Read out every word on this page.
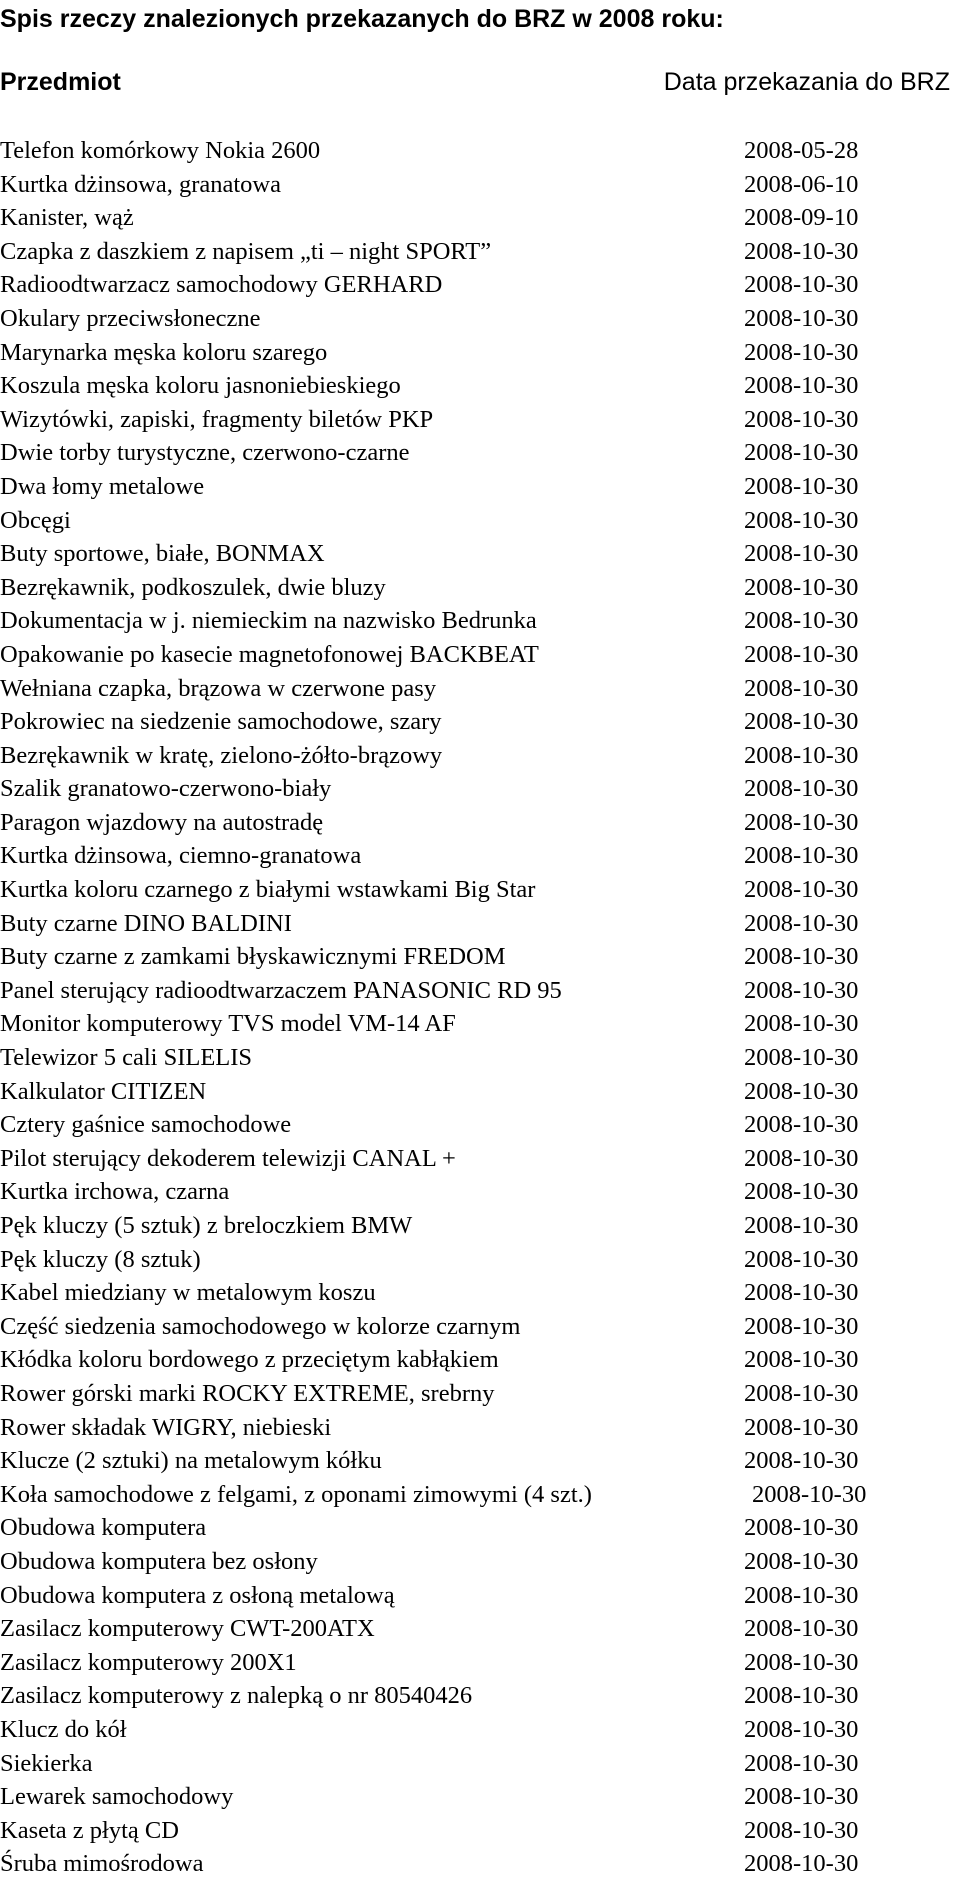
Spis rzeczy znalezionych przekazanych do BRZ w 2008 roku:
Przedmiot	Data przekazania do BRZ
Telefon komórkowy Nokia 2600	2008-05-28
Kurtka dżinsowa, granatowa	2008-06-10
Kanister, wąż	2008-09-10
Czapka z daszkiem z napisem „ti – night SPORT”	2008-10-30
Radioodtwarzacz samochodowy GERHARD	2008-10-30
Okulary przeciwsłoneczne	2008-10-30
Marynarka męska koloru szarego	2008-10-30
Koszula męska koloru jasnoniebieskiego	2008-10-30
Wizytówki, zapiski, fragmenty biletów PKP	2008-10-30
Dwie torby turystyczne, czerwono-czarne	2008-10-30
Dwa łomy metalowe	2008-10-30
Obcęgi	2008-10-30
Buty sportowe, białe, BONMAX	2008-10-30
Bezrękawnik, podkoszulek, dwie bluzy	2008-10-30
Dokumentacja w j. niemieckim na nazwisko Bedrunka	2008-10-30
Opakowanie po kasecie magnetofonowej BACKBEAT	2008-10-30
Wełniana czapka, brązowa w czerwone pasy	2008-10-30
Pokrowiec na siedzenie samochodowe, szary	2008-10-30
Bezrękawnik w kratę, zielono-żółto-brązowy	2008-10-30
Szalik granatowo-czerwono-biały	2008-10-30
Paragon wjazdowy na autostradę	2008-10-30
Kurtka dżinsowa, ciemno-granatowa	2008-10-30
Kurtka koloru czarnego z białymi wstawkami Big Star	2008-10-30
Buty czarne DINO BALDINI	2008-10-30
Buty czarne z zamkami błyskawicznymi FREDOM	2008-10-30
Panel sterujący radioodtwarzaczem PANASONIC RD 95	2008-10-30
Monitor komputerowy TVS model VM-14 AF	2008-10-30
Telewizor 5 cali SILELIS	2008-10-30
Kalkulator CITIZEN	2008-10-30
Cztery gaśnice samochodowe	2008-10-30
Pilot sterujący dekoderem telewizji CANAL +	2008-10-30
Kurtka irchowa, czarna	2008-10-30
Pęk kluczy (5 sztuk) z breloczkiem BMW	2008-10-30
Pęk kluczy (8 sztuk)	2008-10-30
Kabel miedziany w metalowym koszu	2008-10-30
Część siedzenia samochodowego w kolorze czarnym	2008-10-30
Kłódka koloru bordowego z przeciętym kabłąkiem	2008-10-30
Rower górski marki ROCKY EXTREME, srebrny	2008-10-30
Rower składak WIGRY, niebieski	2008-10-30
Klucze (2 sztuki) na metalowym kółku	2008-10-30
Koła samochodowe z felgami, z oponami zimowymi (4 szt.)	2008-10-30
Obudowa komputera	2008-10-30
Obudowa komputera bez osłony	2008-10-30
Obudowa komputera z osłoną metalową	2008-10-30
Zasilacz komputerowy CWT-200ATX	2008-10-30
Zasilacz komputerowy 200X1	2008-10-30
Zasilacz komputerowy z nalepką o nr 80540426	2008-10-30
Klucz do kół	2008-10-30
Siekierka	2008-10-30
Lewarek samochodowy	2008-10-30
Kaseta z płytą CD	2008-10-30
Śruba mimośrodowa	2008-10-30
